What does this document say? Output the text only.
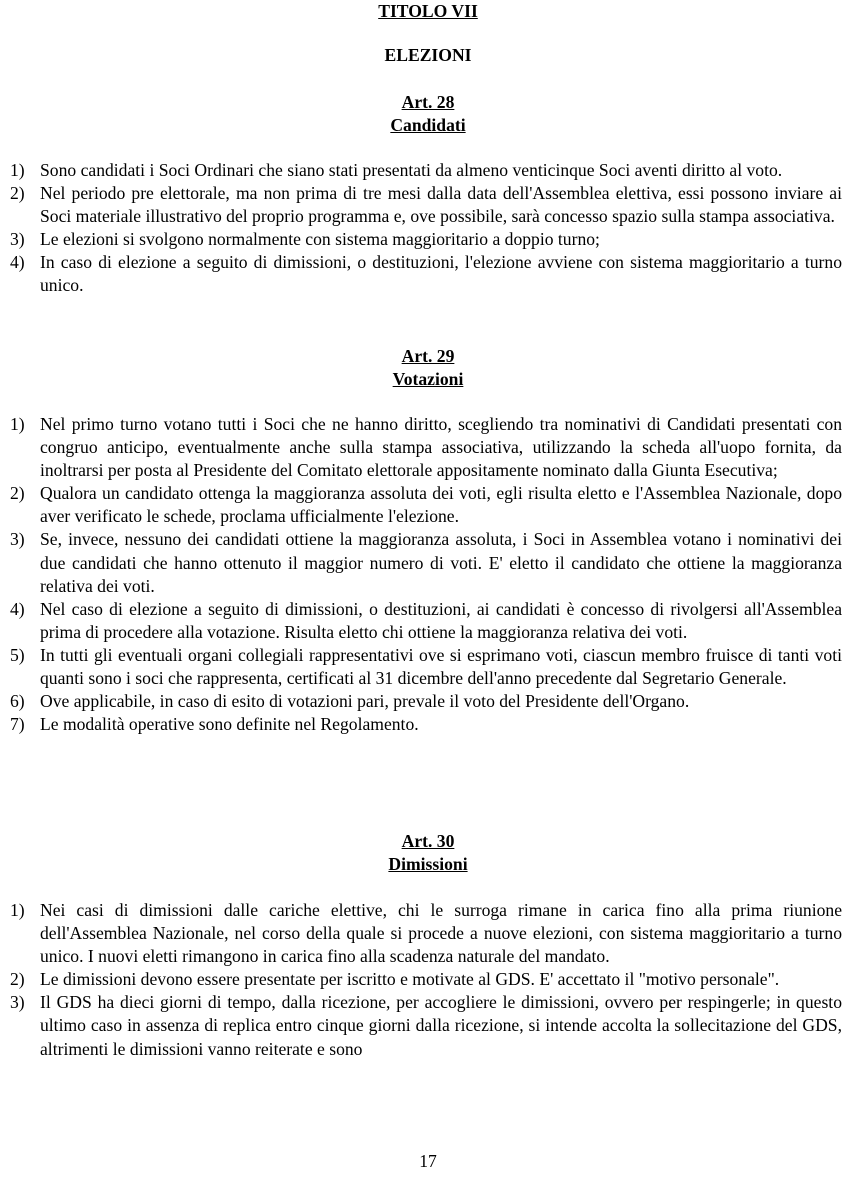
TITOLO VII
ELEZIONI
Art. 28
Candidati
1) Sono candidati i Soci Ordinari che siano stati presentati da almeno venticinque Soci aventi diritto al voto.
2) Nel periodo pre elettorale, ma non prima di tre mesi dalla data dell'Assemblea elettiva, essi possono inviare ai Soci materiale illustrativo del proprio programma e, ove possibile, sarà concesso spazio sulla stampa associativa.
3) Le elezioni si svolgono normalmente con sistema maggioritario a doppio turno;
4) In caso di elezione a seguito di dimissioni, o destituzioni, l'elezione avviene con sistema maggioritario a turno unico.
Art. 29
Votazioni
1) Nel primo turno votano tutti i Soci che ne hanno diritto, scegliendo tra nominativi di Candidati presentati con congruo anticipo, eventualmente anche sulla stampa associativa, utilizzando la scheda all'uopo fornita, da inoltrarsi per posta al Presidente del Comitato elettorale appositamente nominato dalla Giunta Esecutiva;
2) Qualora un candidato ottenga la maggioranza assoluta dei voti, egli risulta eletto e l'Assemblea Nazionale, dopo aver verificato le schede, proclama ufficialmente l'elezione.
3) Se, invece, nessuno dei candidati ottiene la maggioranza assoluta, i Soci in Assemblea votano i nominativi dei due candidati che hanno ottenuto il maggior numero di voti. E' eletto il candidato che ottiene la maggioranza relativa dei voti.
4) Nel caso di elezione a seguito di dimissioni, o destituzioni, ai candidati è concesso di rivolgersi all'Assemblea prima di procedere alla votazione. Risulta eletto chi ottiene la maggioranza relativa dei voti.
5) In tutti gli eventuali organi collegiali rappresentativi ove si esprimano voti, ciascun membro fruisce di tanti voti quanti sono i soci che rappresenta, certificati al 31 dicembre dell'anno precedente dal Segretario Generale.
6) Ove applicabile, in caso di esito di votazioni pari, prevale il voto del Presidente dell'Organo.
7) Le modalità operative sono definite nel Regolamento.
Art. 30
Dimissioni
1) Nei casi di dimissioni dalle cariche elettive, chi le surroga rimane in carica fino alla prima riunione dell'Assemblea Nazionale, nel corso della quale si procede a nuove elezioni, con sistema maggioritario a turno unico. I nuovi eletti rimangono in carica fino alla scadenza naturale del mandato.
2) Le dimissioni devono essere presentate per iscritto e motivate al GDS. E' accettato il "motivo personale".
3) Il GDS ha dieci giorni di tempo, dalla ricezione, per accogliere le dimissioni, ovvero per respingerle; in questo ultimo caso in assenza di replica entro cinque giorni dalla ricezione, si intende accolta la sollecitazione del GDS, altrimenti le dimissioni vanno reiterate e sono
17
